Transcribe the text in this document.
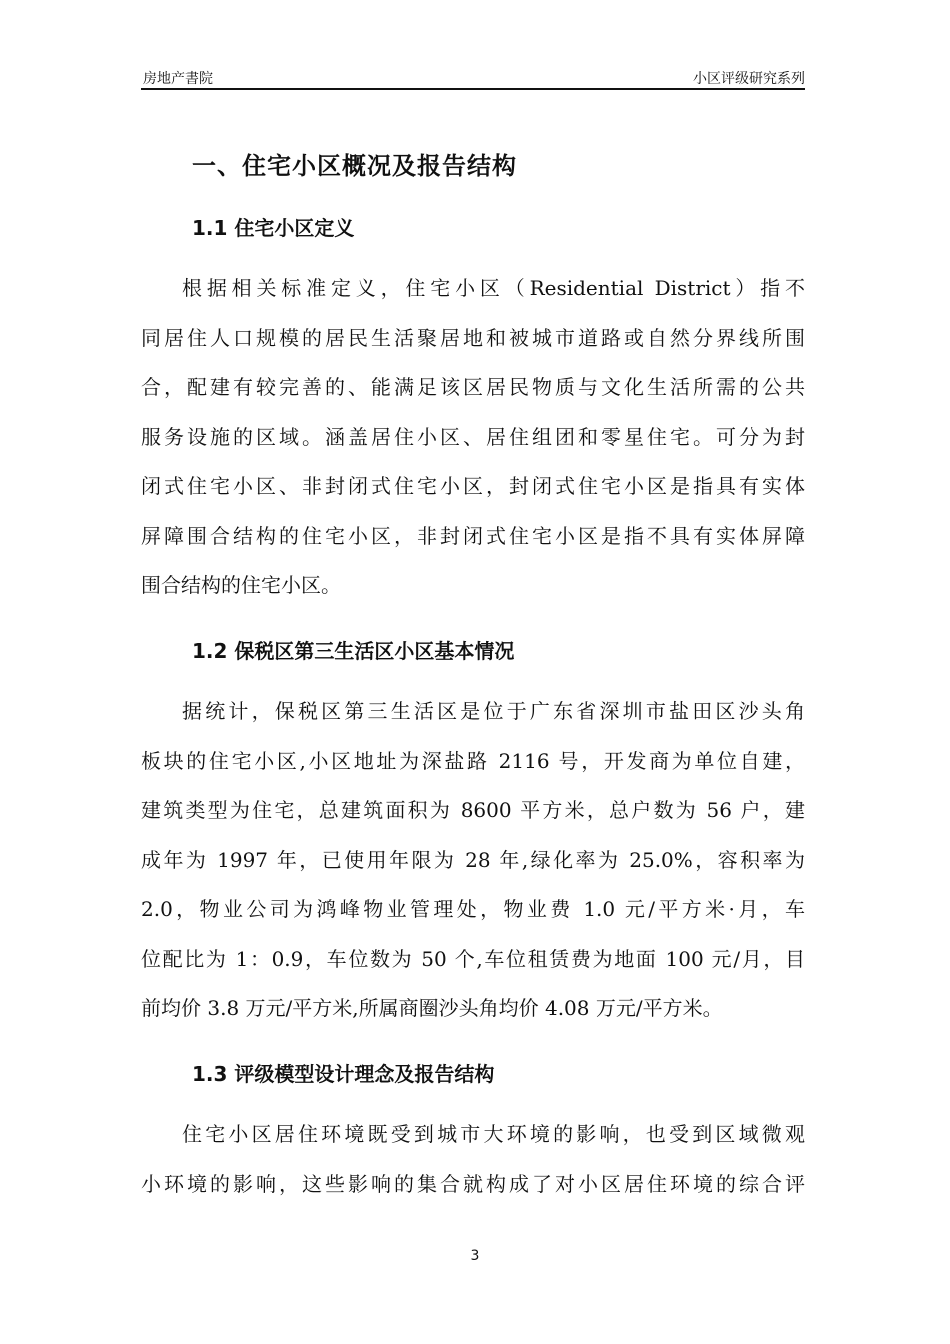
房地产書院	小区评级研究系列
一、住宅小区概况及报告结构
1.1 住宅小区定义
根据相关标准定义，住宅小区（Residential District）指不
同居住人口规模的居民生活聚居地和被城市道路或自然分界线所围
合，配建有较完善的、能满足该区居民物质与文化生活所需的公共
服务设施的区域。涵盖居住小区、居住组团和零星住宅。可分为封
闭式住宅小区、非封闭式住宅小区，封闭式住宅小区是指具有实体
屏障围合结构的住宅小区，非封闭式住宅小区是指不具有实体屏障
围合结构的住宅小区。
1.2 保税区第三生活区小区基本情况
据统计，保税区第三生活区是位于广东省深圳市盐田区沙头角
板块的住宅小区,小区地址为深盐路 2116 号，开发商为单位自建，
建筑类型为住宅，总建筑面积为 8600 平方米，总户数为 56 户，建
成年为 1997 年，已使用年限为 28 年,绿化率为 25.0%，容积率为
2.0，物业公司为鸿峰物业管理处，物业费 1.0 元/平方米·月，车
位配比为 1：0.9，车位数为 50 个,车位租赁费为地面 100 元/月，目
前均价 3.8 万元/平方米,所属商圈沙头角均价 4.08 万元/平方米。
1.3 评级模型设计理念及报告结构
住宅小区居住环境既受到城市大环境的影响，也受到区域微观
小环境的影响，这些影响的集合就构成了对小区居住环境的综合评
3
